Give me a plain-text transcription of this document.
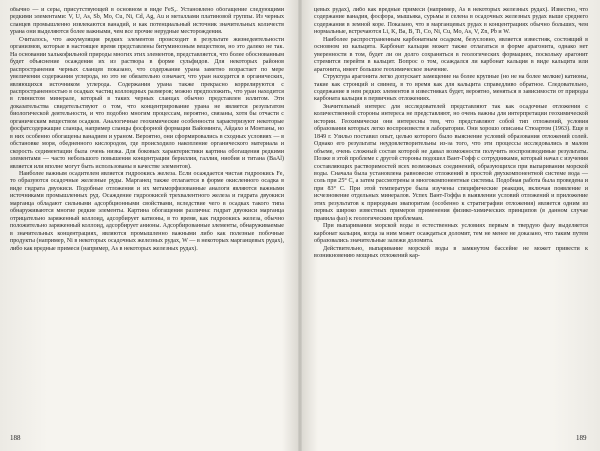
обычно — и серы, присутствующей в основном в виде FeS₂. Установлено обогащение следующими редкими элементами: V, U, As, Sb, Mo, Cu, Ni, Cd, Ag, Au и металлами платиновой группы. Из черных сланцев промышленно извлекаются ванадий, и как потенциальный источник значительных количеств урана они выделяются более важными, чем все прочие нерудные месторождения.

Считалось, что аккумуляция редких элементов происходит в результате жизнедеятельности организмов, которые в настоящее время представлены битуминозным веществом, но это далеко не так. На основании халькофильной природы многих этих элементов, представляется, что более обоснованным будет объяснение осаждения их из раствора в форме сульфидов. Для некоторых районов распространения черных сланцев показано, что содержание урана заметно возрастает по мере увеличения содержания углерода, но это не обязательно означает, что уран находится в органических, являющихся источником углерода. Содержания урана также прекрасно коррелируются с распространенностью в осадках частиц коллоидных размеров; можно предположить, что уран находится в глинистом минерале, который в таких черных сланцах обычно представлен иллитом. Эти доказательства свидетельствуют о том, что концентрирование урана не является результатом биологической деятельности, и что подобно многим процессам, вероятно, связаны, хотя бы отчасти с органическим веществом осадков. Аналогичные геохимические особенности характеризуют некоторые фосфатсодержащие сланцы, например сланцы фосфорной формации Вайоминга, Айдахо и Монтаны, но в них особенно обогащены ванадием и ураном. Вероятно, они сформировались в сходных условиях — в обстановке моря, обедненного кислородом, где происходило накопление органического материала и скорость седиментации была очень низка. Для боковых характеристики картина обогащения редкими элементами — часто небольшого повышения концентрации бериллия, галлия, ниобия и титана (BaAl) является или вполне могут быть использованы в качестве элементов).

Наиболее важным осадителем является гидроокись железа. Если осаждается чистая гидроокись Fe, то образуются осадочные железные руды. Марганец также отлагается в форме окисленного осадка в виде гидрата двуокиси. Подобные отложения и их метаморфизованные аналоги являются важными источниками промышленных руд. Осаждение гидроокисей трехвалентного железа и гидрата двуокиси марганца обладают сильными адсорбционными свойствами, вследствие чего в осадках такого типа обнаруживаются многие редкие элементы. Картина обогащения различна: гидрат двуокиси марганца отрицательно заряженный коллоид, адсорбирует катионы, в то время, как гидроокись железа, обычно положительно заряженный коллоид, адсорбирует анионы. Адсорбированные элементы, обнаруживаемые в значительных концентрациях, являются промышленно важными либо как полезные побочные продукты (например, Ni в некоторых осадочных железных рудах, W — в некоторых марганцевых рудах), либо как вредные примеси (например, As в некоторых железных рудах).

цевых рудах), либо как вредные примеси (например, As в некоторых железных рудах). Известно, что содержание ванадия, фосфора, мышьяка, сурьмы и селена в осадочных железных рудах выше среднего содержания в земной коре. Показано, что в марганцевых рудах в концентрациях обычно больших, чем нормальные, встречаются Li, K, Ba, B, Ti, Co, Ni, Cu, Mo, As, V, Zn, Pb и W.

Наиболее распространенным карбонатным осадком, безусловно, является известняк, состоящий в основном из кальцита. Карбонат кальция может также отлагаться в форме арагонита, однако нет уверенности в том, будет ли он долго сохраняться в геологических формациях, поскольку арагонит стремится перейти в кальцит. Вопрос о том, осаждался ли карбонат кальция в виде кальцита или арагонита, имеет большое геохимическое значение.

Структура арагонита легко допускает замещение на более крупные (но не на более мелкие) катионы, такие как стронций и свинец, в то время как для кальцита справедливо обратное. Следовательно, содержание в нем редких элементов в известняках будет, вероятно, меняться в зависимости от природы карбоната кальция в первичных отложениях.

Значительный интерес для исследователей представляют так как осадочные отложения с количественной стороны интереса не представляют, но очень важны для интерпретации геохимической истории. Геохимически они интересны тем, что представляют собой тип отложений, условия образования которых легко воспроизвести в лаборатории. Они хорошо описаны Стюартом (1963). Еще в 1849 г. Узильо поставил опыт, целью которого было выяснение условий образования отложений солей. Однако его результаты неудовлетворительны из-за того, что эти процессы исследовались в малом объеме, очень сложный состав которой не давал возможности получить воспроизводимые результаты. Позже в этой проблеме с другой стороны подошел Вант-Гофф с сотрудниками, который начал с изучения составляющих растворимостей всех возможных соединений, образующихся при выпаривании морской воды. Сначала была установлена равновесие отложений в простой двухкомпонентной системе вода — соль при 25° С, а затем рассмотрены и многокомпонентные системы. Подобная работа была проведена и при 83° С. При этой температуре была изучены специфические реакции, включая появление и исчезновение отдельных минералов. Успех Вант-Гоффа в выявлении условий отложений и приложение этих результатов к природным эвапоритам (особенно к стратиграфии отложения) является одним из первых широко известных примеров применения физико-химических принципов (в данном случае правила фаз) к геологическим проблемам.

При выпаривании морской воды в естественных условиях первым в твердую фазу выделяется карбонат кальция, когда за ним может осаждаться доломит, тем не менее не доказано, что таким путем образовались значительные залежи доломита.

Действительно, выпаривание морской воды в замкнутом бассейне не может привести к возникновению мощных отложений кар-

188	189
